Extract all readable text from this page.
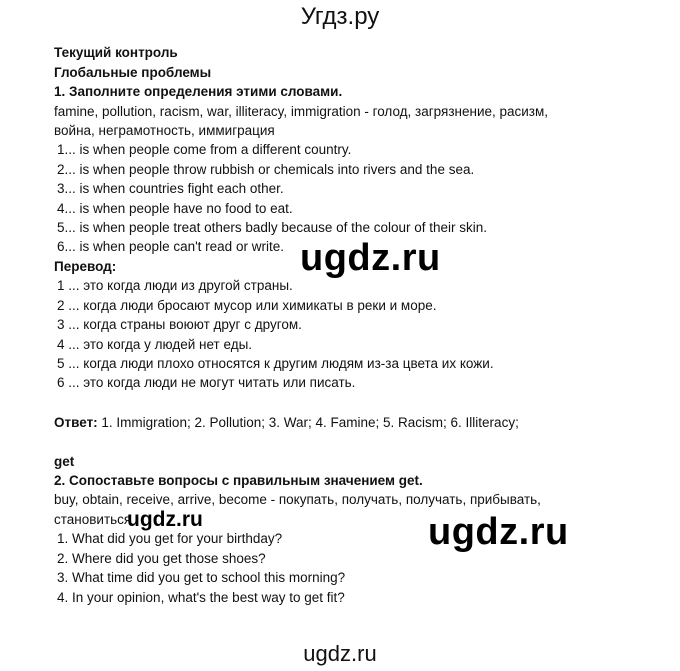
Угдз.ру
Текущий контроль
Глобальные проблемы
1. Заполните определения этими словами.
famine, pollution, racism, war, illiteracy, immigration - голод, загрязнение, расизм,
война, неграмотность, иммиграция
1... is when people come from a different country.
2... is when people throw rubbish or chemicals into rivers and the sea.
3... is when countries fight each other.
4... is when people have no food to eat.
5... is when people treat others badly because of the colour of their skin.
6... is when people can't read or write.
Перевод:
1 ... это когда люди из другой страны.
2 ... когда люди бросают мусор или химикаты в реки и море.
3 ... когда страны воюют друг с другом.
4 ... это когда у людей нет еды.
5 ... когда люди плохо относятся к другим людям из-за цвета их кожи.
6 ... это когда люди не могут читать или писать.
Ответ: 1. Immigration; 2. Pollution; 3. War; 4. Famine; 5. Racism; 6. Illiteracy;
get
2. Сопоставьте вопросы с правильным значением get.
buy, obtain, receive, arrive, become - покупать, получать, получать, прибывать,
становиться
1. What did you get for your birthday?
2. Where did you get those shoes?
3. What time did you get to school this morning?
4. In your opinion, what's the best way to get fit?
ugdz.ru
ugdz.ru	ugdz.ru
ugdz.ru
